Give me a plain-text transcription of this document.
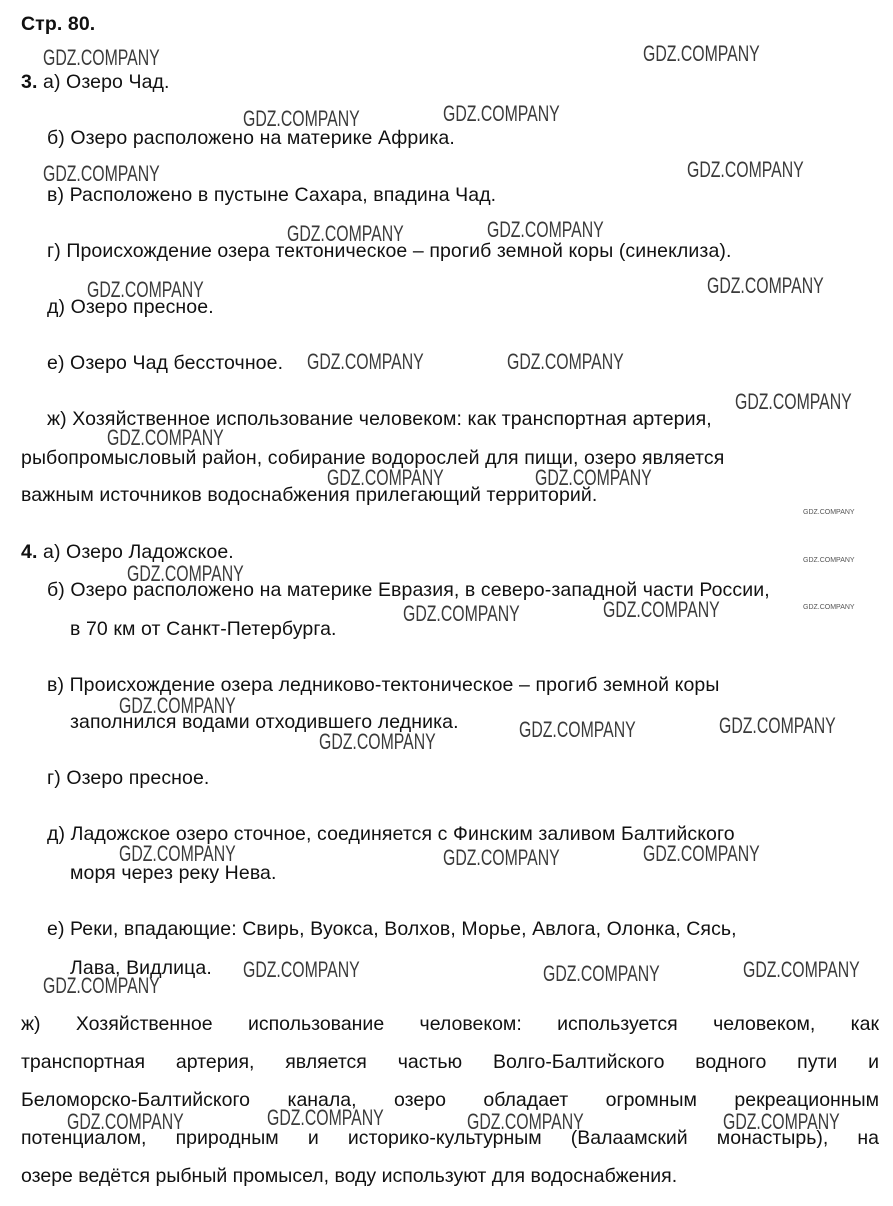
Стр. 80.
3. а) Озеро Чад.
б) Озеро расположено на материке Африка.
в) Расположено в пустыне Сахара, впадина Чад.
г) Происхождение озера тектоническое – прогиб земной коры (синеклиза).
д) Озеро пресное.
е) Озеро Чад бессточное.
ж) Хозяйственное использование человеком: как транспортная артерия,
рыбопромысловый район, собирание водорослей для пищи, озеро является
важным источников водоснабжения прилегающий территорий.
4. а) Озеро Ладожское.
б) Озеро расположено на материке Евразия, в северо-западной части России,
в 70 км от Санкт-Петербурга.
в) Происхождение озера ледниково-тектоническое – прогиб земной коры
заполнился водами отходившего ледника.
г) Озеро пресное.
д) Ладожское озеро сточное, соединяется с Финским заливом Балтийского
моря через реку Нева.
е) Реки, впадающие: Свирь, Вуокса, Волхов, Морье, Авлога, Олонка, Сясь,
Лава, Видлица.
ж) Хозяйственное использование человеком: используется человеком, как
транспортная артерия, является частью Волго-Балтийского водного пути и
Беломорско-Балтийского канала, озеро обладает огромным рекреационным
потенциалом, природным и историко-культурным (Валаамский монастырь), на
озере ведётся рыбный промысел, воду используют для водоснабжения.
GDZ.COMPANY	GDZ.COMPANY
GDZ.COMPANY	GDZ.COMPANY
GDZ.COMPANY	GDZ.COMPANY
GDZ.COMPANY	GDZ.COMPANY
GDZ.COMPANY	GDZ.COMPANY
GDZ.COMPANY	GDZ.COMPANY
GDZ.COMPANY
GDZ.COMPANY
GDZ.COMPANY	GDZ.COMPANY
GDZ.COMPANY
GDZ.COMPANY	GDZ.COMPANY
GDZ.COMPANY
GDZ.COMPANY	GDZ.COMPANY
GDZ.COMPANY
GDZ.COMPANY	GDZ.COMPANY	GDZ.COMPANY
GDZ.COMPANY	GDZ.COMPANY	GDZ.COMPANY
GDZ.COMPANY
GDZ.COMPANY	GDZ.COMPANY	GDZ.COMPANY	GDZ.COMPANY
GDZ.COMPANY
GDZ.COMPANY
GDZ.COMPANY
